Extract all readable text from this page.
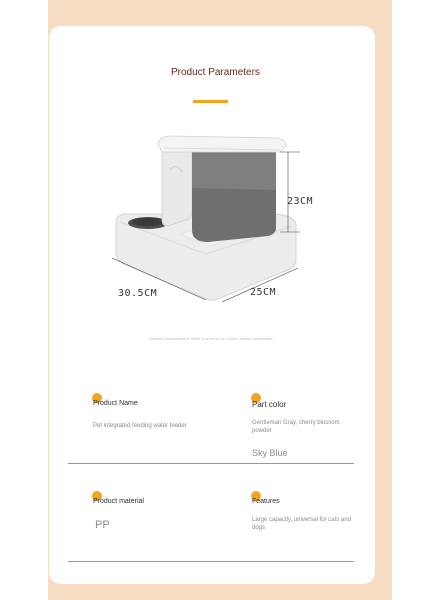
Product Parameters
23CM
30.5CM	25CM
* Manual measurement, there is an error of 1-3mm, please understand
Product Name
Pet integrated feeding water feeder
Part color
Gentleman Gray, cherry blossom powder
Sky Blue
Product material
PP
Features
Large capacity, universal for cats and dogs
